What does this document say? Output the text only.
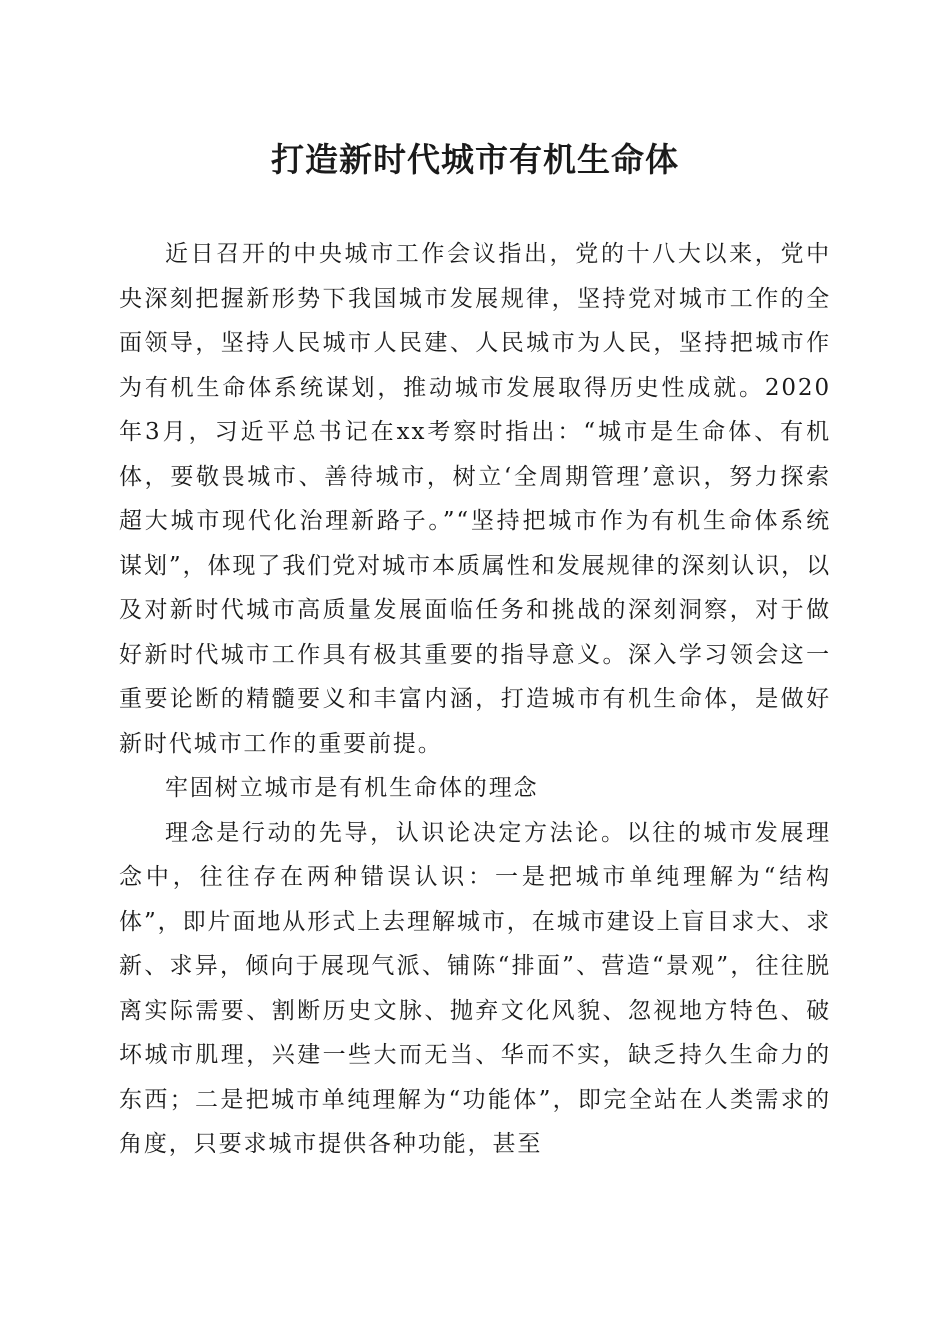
打造新时代城市有机生命体

近日召开的中央城市工作会议指出，党的十八大以来，党中央深刻把握新形势下我国城市发展规律，坚持党对城市工作的全面领导，坚持人民城市人民建、人民城市为人民，坚持把城市作为有机生命体系统谋划，推动城市发展取得历史性成就。2020年3月，习近平总书记在xx考察时指出：“城市是生命体、有机体，要敬畏城市、善待城市，树立‘全周期管理’意识，努力探索超大城市现代化治理新路子。”“坚持把城市作为有机生命体系统谋划”，体现了我们党对城市本质属性和发展规律的深刻认识，以及对新时代城市高质量发展面临任务和挑战的深刻洞察，对于做好新时代城市工作具有极其重要的指导意义。深入学习领会这一重要论断的精髓要义和丰富内涵，打造城市有机生命体，是做好新时代城市工作的重要前提。

牢固树立城市是有机生命体的理念

理念是行动的先导，认识论决定方法论。以往的城市发展理念中，往往存在两种错误认识：一是把城市单纯理解为“结构体”，即片面地从形式上去理解城市，在城市建设上盲目求大、求新、求异，倾向于展现气派、铺陈“排面”、营造“景观”，往往脱离实际需要、割断历史文脉、抛弃文化风貌、忽视地方特色、破坏城市肌理，兴建一些大而无当、华而不实，缺乏持久生命力的东西；二是把城市单纯理解为“功能体”，即完全站在人类需求的角度，只要求城市提供各种功能，甚至
